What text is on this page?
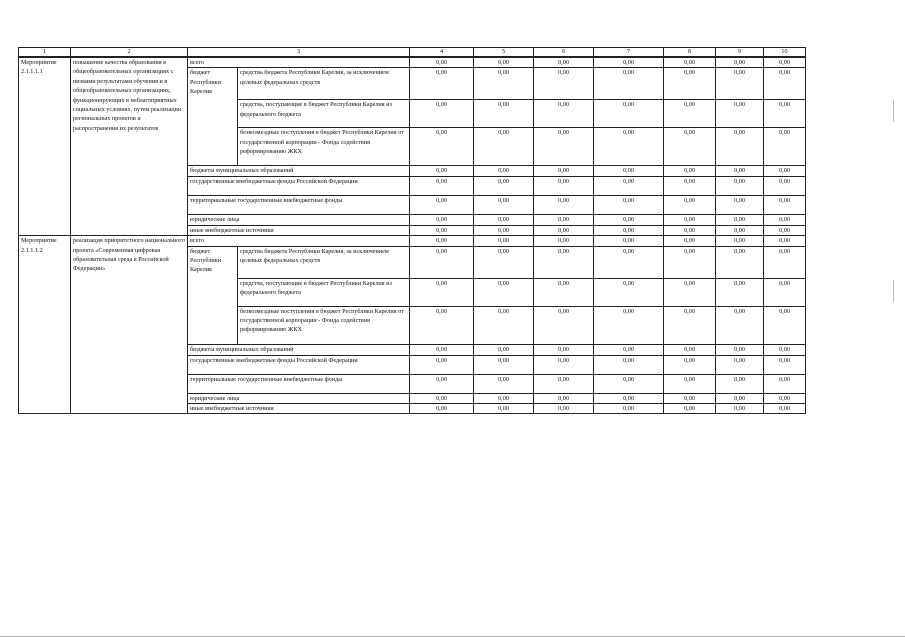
1	2	3		4	5	6	7	8	9	10
Мероприятие 2.1.1.1.1	повышение качества образования в общеобразовательных организациях с низкими результатами обучения и в общеобразовательных организациях, функционирующих в неблагоприятных социальных условиях, путем реализации региональных проектов и распространения их результатов	всего		0,00	0,00	0,00	0,00	0,00	0,00	0,00
		бюджет Республики Карелия	средства бюджета Республики Карелия, за исключением целевых федеральных средств	0,00	0,00	0,00	0,00	0,00	0,00	0,00
			средства, поступающие в бюджет Республики Карелия из федерального бюджета	0,00	0,00	0,00	0,00	0,00	0,00	0,00
			безвозмездные поступления в бюджет Республики Карелия от государственной корпорации - Фонда содействия реформированию ЖКХ	0,00	0,00	0,00	0,00	0,00	0,00	0,00
		бюджеты муниципальных образований		0,00	0,00	0,00	0,00	0,00	0,00	0,00
		государственные внебюджетные фонды Российской Федерации		0,00	0,00	0,00	0,00	0,00	0,00	0,00
		территориальные государственные внебюджетные фонды		0,00	0,00	0,00	0,00	0,00	0,00	0,00
		юридические лица		0,00	0,00	0,00	0,00	0,00	0,00	0,00
		иные внебюджетные источники		0,00	0,00	0,00	0,00	0,00	0,00	0,00
Мероприятие 2.1.1.1.2	реализация приоритетного национального проекта «Современная цифровая образовательная среда в Российской Федерации»	всего		0,00	0,00	0,00	0,00	0,00	0,00	0,00
		бюджет Республики Карелия	средства бюджета Республики Карелия, за исключением целевых федеральных средств	0,00	0,00	0,00	0,00	0,00	0,00	0,00
			средства, поступающие в бюджет Республики Карелия из федерального бюджета	0,00	0,00	0,00	0,00	0,00	0,00	0,00
			безвозмездные поступления в бюджет Республики Карелия от государственной корпорации - Фонда содействия реформированию ЖКХ	0,00	0,00	0,00	0,00	0,00	0,00	0,00
		бюджеты муниципальных образований		0,00	0,00	0,00	0,00	0,00	0,00	0,00
		государственные внебюджетные фонды Российской Федерации		0,00	0,00	0,00	0,00	0,00	0,00	0,00
		территориальные государственные внебюджетные фонды		0,00	0,00	0,00	0,00	0,00	0,00	0,00
		юридические лица		0,00	0,00	0,00	0,00	0,00	0,00	0,00
		иные внебюджетные источники		0,00	0,00	0,00	0,00	0,00	0,00	0,00
